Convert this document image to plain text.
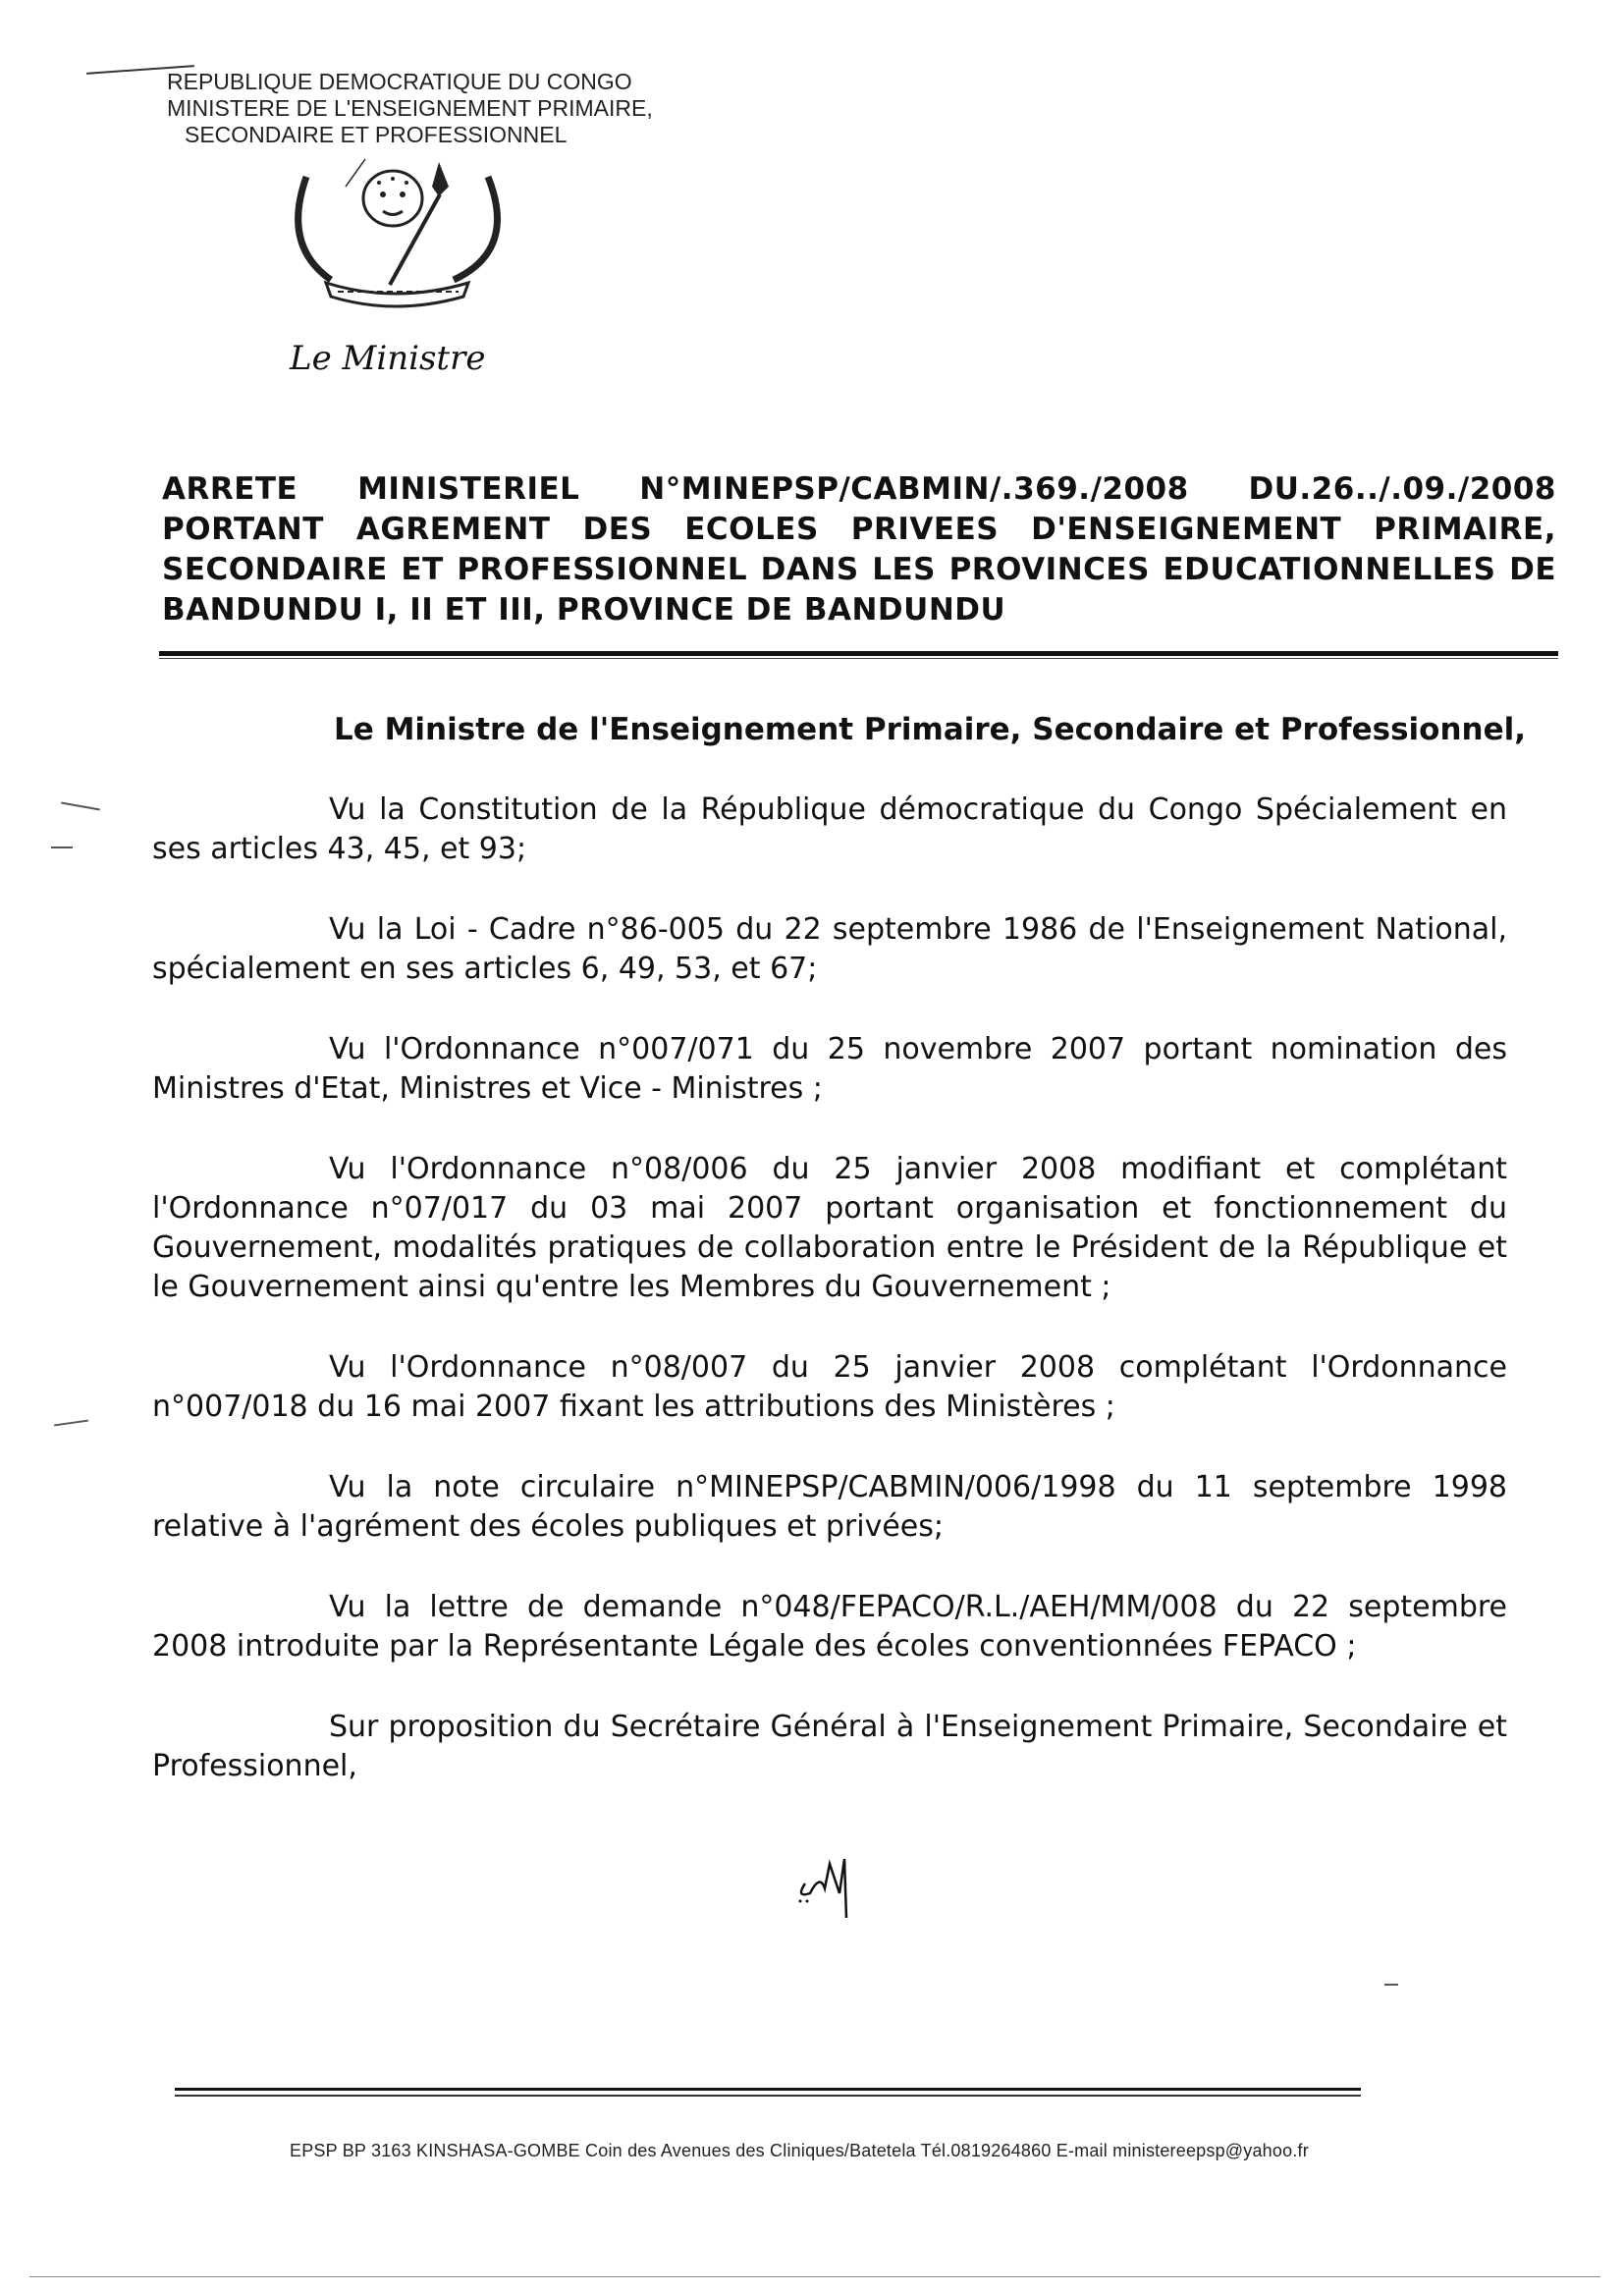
REPUBLIQUE DEMOCRATIQUE DU CONGO
MINISTERE DE L'ENSEIGNEMENT PRIMAIRE,
SECONDAIRE ET PROFESSIONNEL
Le Ministre
ARRETE MINISTERIEL N°MINEPSP/CABMIN/.369./2008 DU.26../.09./2008
PORTANT AGREMENT DES ECOLES PRIVEES D'ENSEIGNEMENT PRIMAIRE, SECONDAIRE ET PROFESSIONNEL DANS LES PROVINCES EDUCATIONNELLES DE BANDUNDU I, II ET III, PROVINCE DE BANDUNDU
Le Ministre de l'Enseignement Primaire, Secondaire et Professionnel,

Vu la Constitution de la République démocratique du Congo Spécialement en ses articles 43, 45, et 93;

Vu la Loi - Cadre n°86-005 du 22 septembre 1986 de l'Enseignement National, spécialement en ses articles 6, 49, 53, et 67;

Vu l'Ordonnance n°007/071 du 25 novembre 2007 portant nomination des Ministres d'Etat, Ministres et Vice - Ministres ;

Vu l'Ordonnance n°08/006 du 25 janvier 2008 modifiant et complétant l'Ordonnance n°07/017 du 03 mai 2007 portant organisation et fonctionnement du Gouvernement, modalités pratiques de collaboration entre le Président de la République et le Gouvernement ainsi qu'entre les Membres du Gouvernement ;

Vu l'Ordonnance n°08/007 du 25 janvier 2008 complétant l'Ordonnance n°007/018 du 16 mai 2007 fixant les attributions des Ministères ;

Vu la note circulaire n°MINEPSP/CABMIN/006/1998 du 11 septembre 1998 relative à l'agrément des écoles publiques et privées;

Vu la lettre de demande n°048/FEPACO/R.L./AEH/MM/008 du 22 septembre 2008 introduite par la Représentante Légale des écoles conventionnées FEPACO ;

Sur proposition du Secrétaire Général à l'Enseignement Primaire, Secondaire et Professionnel,

EPSP BP 3163 KINSHASA-GOMBE Coin des Avenues des Cliniques/Batetela Tél.0819264860 E-mail ministereepsp@yahoo.fr
